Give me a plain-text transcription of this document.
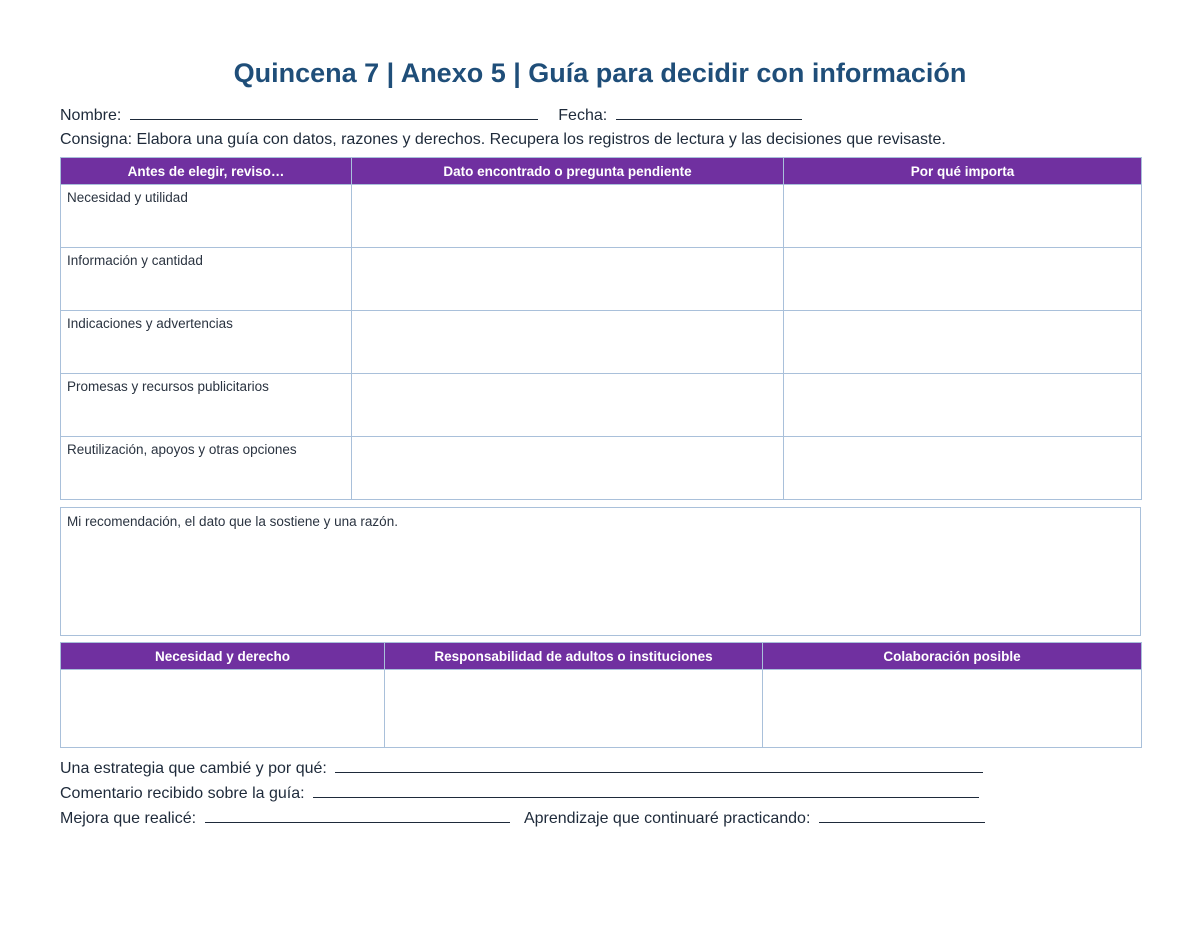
Quincena 7 | Anexo 5 | Guía para decidir con información
Nombre:	Fecha:
Consigna: Elabora una guía con datos, razones y derechos. Recupera los registros de lectura y las decisiones que revisaste.
Antes de elegir, reviso…	Dato encontrado o pregunta pendiente	Por qué importa
Necesidad y utilidad		
Información y cantidad		
Indicaciones y advertencias		
Promesas y recursos publicitarios		
Reutilización, apoyos y otras opciones		
Mi recomendación, el dato que la sostiene y una razón.
Necesidad y derecho	Responsabilidad de adultos o instituciones	Colaboración posible

Una estrategia que cambié y por qué:
Comentario recibido sobre la guía:
Mejora que realicé:	Aprendizaje que continuaré practicando:
